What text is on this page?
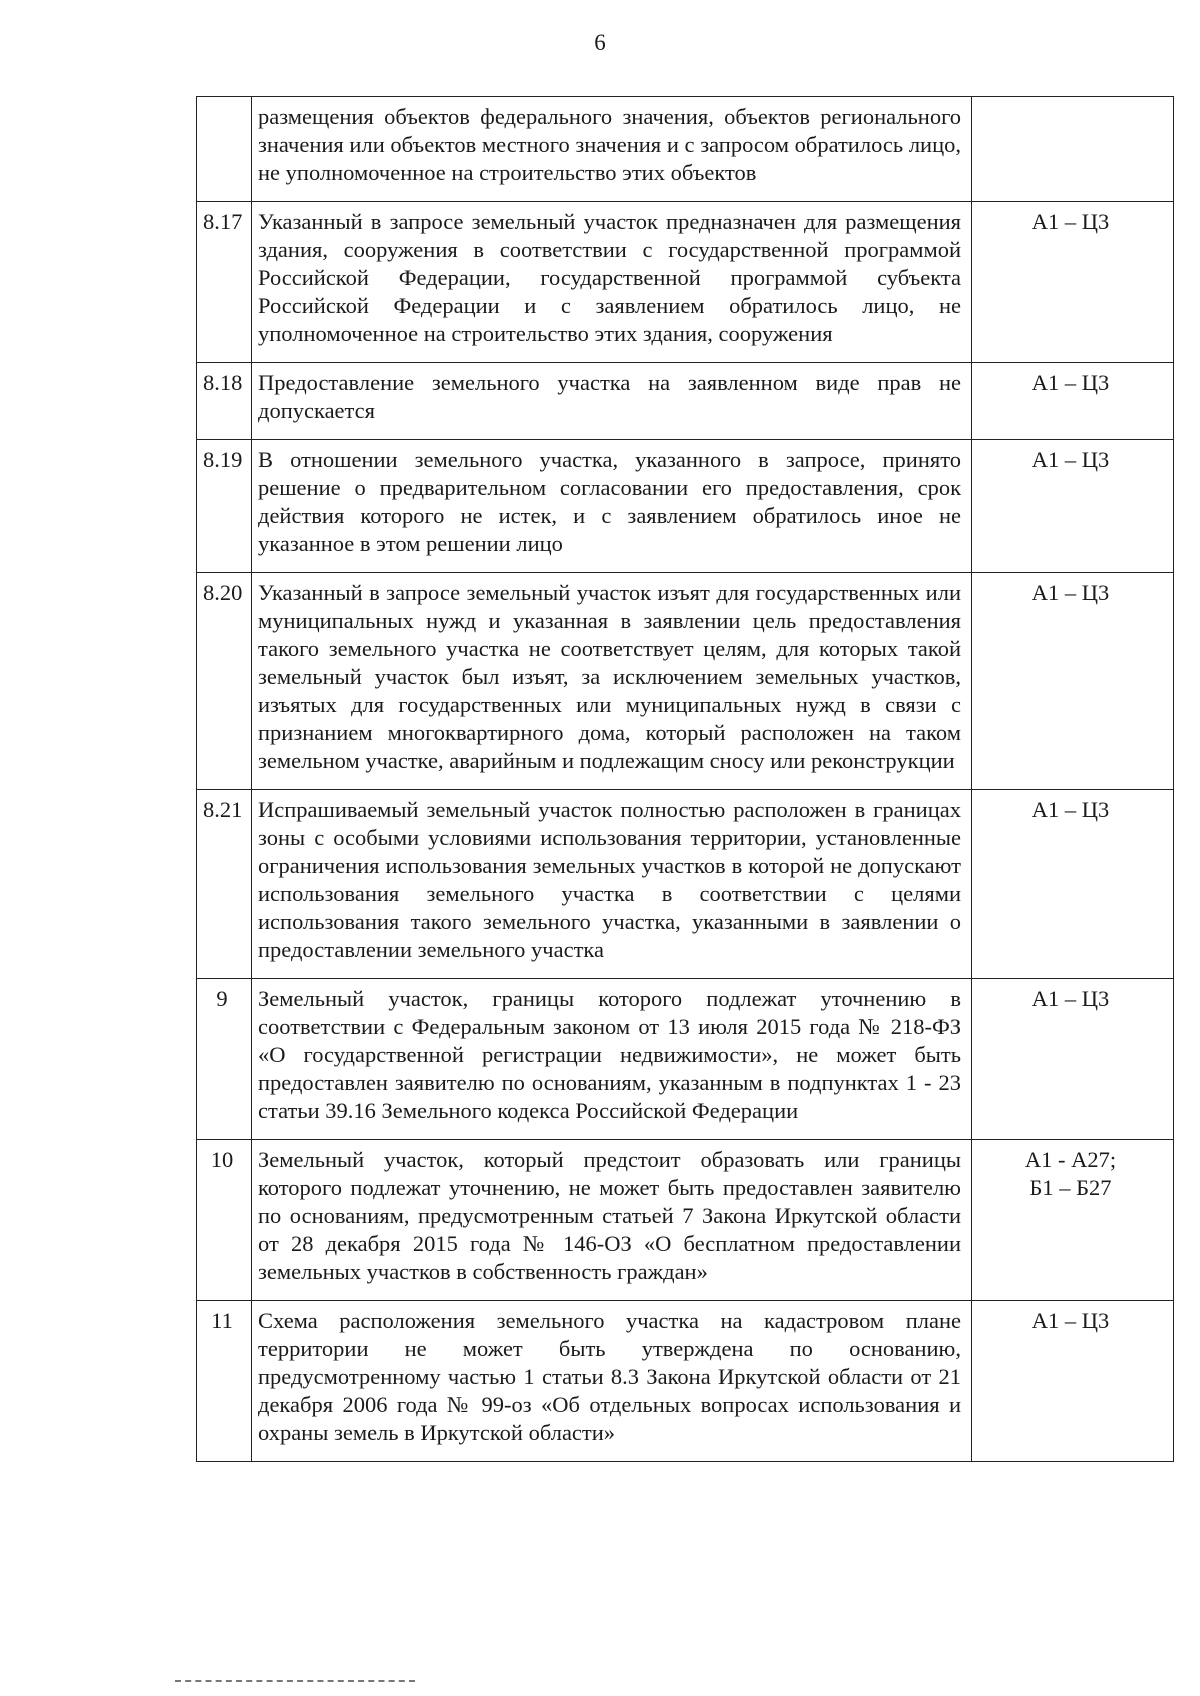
6
	размещения объектов федерального значения, объектов регионального значения или объектов местного значения и с запросом обратилось лицо, не уполномоченное на строительство этих объектов	

8.17	Указанный в запросе земельный участок предназначен для размещения здания, сооружения в соответствии с государственной программой Российской Федерации, государственной программой субъекта Российской Федерации и с заявлением обратилось лицо, не уполномоченное на строительство этих здания, сооружения	А1 – Ц3

8.18	Предоставление земельного участка на заявленном виде прав не допускается	А1 – Ц3

8.19	В отношении земельного участка, указанного в запросе, принято решение о предварительном согласовании его предоставления, срок действия которого не истек, и с заявлением обратилось иное не указанное в этом решении лицо	А1 – Ц3

8.20	Указанный в запросе земельный участок изъят для государственных или муниципальных нужд и указанная в заявлении цель предоставления такого земельного участка не соответствует целям, для которых такой земельный участок был изъят, за исключением земельных участков, изъятых для государственных или муниципальных нужд в связи с признанием многоквартирного дома, который расположен на таком земельном участке, аварийным и подлежащим сносу или реконструкции	А1 – Ц3

8.21	Испрашиваемый земельный участок полностью расположен в границах зоны с особыми условиями использования территории, установленные ограничения использования земельных участков в которой не допускают использования земельного участка в соответствии с целями использования такого земельного участка, указанными в заявлении о предоставлении земельного участка	А1 – Ц3

9	Земельный участок, границы которого подлежат уточнению в соответствии с Федеральным законом от 13 июля 2015 года № 218-ФЗ «О государственной регистрации недвижимости», не может быть предоставлен заявителю по основаниям, указанным в подпунктах 1 - 23 статьи 39.16 Земельного кодекса Российской Федерации	А1 – Ц3

10	Земельный участок, который предстоит образовать или границы которого подлежат уточнению, не может быть предоставлен заявителю по основаниям, предусмотренным статьей 7 Закона Иркутской области от 28 декабря 2015 года № 146-ОЗ «О бесплатном предоставлении земельных участков в собственность граждан»	А1 - А27;
Б1 – Б27

11	Схема расположения земельного участка на кадастровом плане территории не может быть утверждена по основанию, предусмотренному частью 1 статьи 8.3 Закона Иркутской области от 21 декабря 2006 года № 99-оз «Об отдельных вопросах использования и охраны земель в Иркутской области»	А1 – Ц3
